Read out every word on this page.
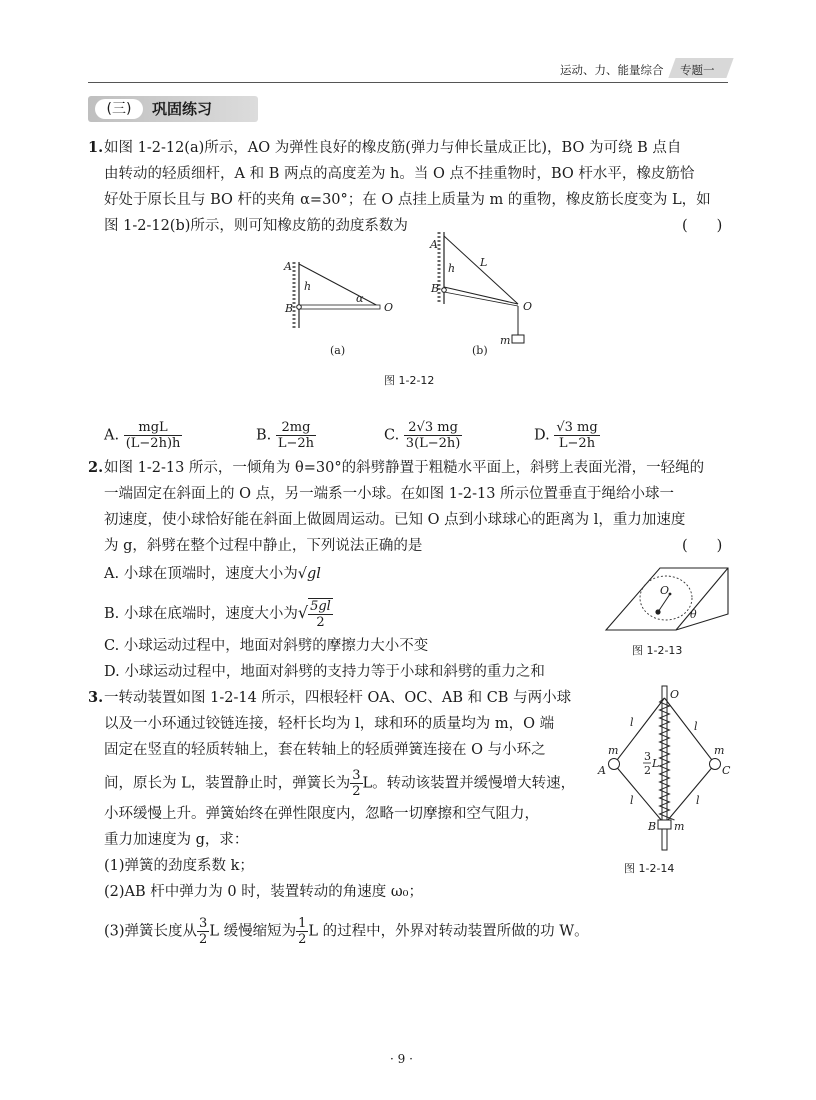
运动、力、能量综合 专题一
(三)	巩固练习
1. 如图 1-2-12(a)所示，AO 为弹性良好的橡皮筋(弹力与伸长量成正比)，BO 为可绕 B 点自
由转动的轻质细杆，A 和 B 两点的高度差为 h。当 O 点不挂重物时，BO 杆水平，橡皮筋恰
好处于原长且与 BO 杆的夹角 α=30°；在 O 点挂上质量为 m 的重物，橡皮筋长度变为 L，如
图 1-2-12(b)所示，则可知橡皮筋的劲度系数为	(　　)
A
B	O
h
α
(a)
A
B
O
h L
m
(b)
图 1-2-12
A. $\frac{\text{mgL}}{(L-2h)h}$	B. $\frac{2mg}{L-2h}$	C. $\frac{2√3 mg}{3(L-2h)}$	D. $\frac{√3 mg}{L-2h}$
2. 如图 1-2-13 所示，一倾角为 θ=30°的斜劈静置于粗糙水平面上，斜劈上表面光滑，一轻绳的
一端固定在斜面上的 O 点，另一端系一小球。在如图 1-2-13 所示位置垂直于绳给小球一
初速度，使小球恰好能在斜面上做圆周运动。已知 O 点到小球球心的距离为 l，重力加速度
为 g，斜劈在整个过程中静止，下列说法正确的是	(　　)
A. 小球在顶端时，速度大小为√gl
B. 小球在底端时，速度大小为√ $\frac{5gl}{2}$
C. 小球运动过程中，地面对斜劈的摩擦力大小不变
D. 小球运动过程中，地面对斜劈的支持力等于小球和斜劈的重力之和
O
θ
图 1-2-13
3. 一转动装置如图 1-2-14 所示，四根轻杆 OA、OC、AB 和 CB 与两小球
以及一小环通过铰链连接，轻杆长均为 l，球和环的质量均为 m，O 端
固定在竖直的轻质转轴上，套在转轴上的轻质弹簧连接在 O 与小环之
间，原长为 L，装置静止时，弹簧长为 $\frac{3}{2}$ L。转动该装置并缓慢增大转速，
小环缓慢上升。弹簧始终在弹性限度内，忽略一切摩擦和空气阻力，
重力加速度为 g，求：
(1)弹簧的劲度系数 k；
(2)AB 杆中弹力为 0 时，装置转动的角速度 ω₀；
(3)弹簧长度从 $\frac{3}{2}$ L 缓慢缩短为 $\frac{1}{2}$ L 的过程中，外界对转动装置所做的功 W。
O
A	C
B
m	m
m
l	l
l	l
3
2
L
图 1-2-14
· 9 ·
